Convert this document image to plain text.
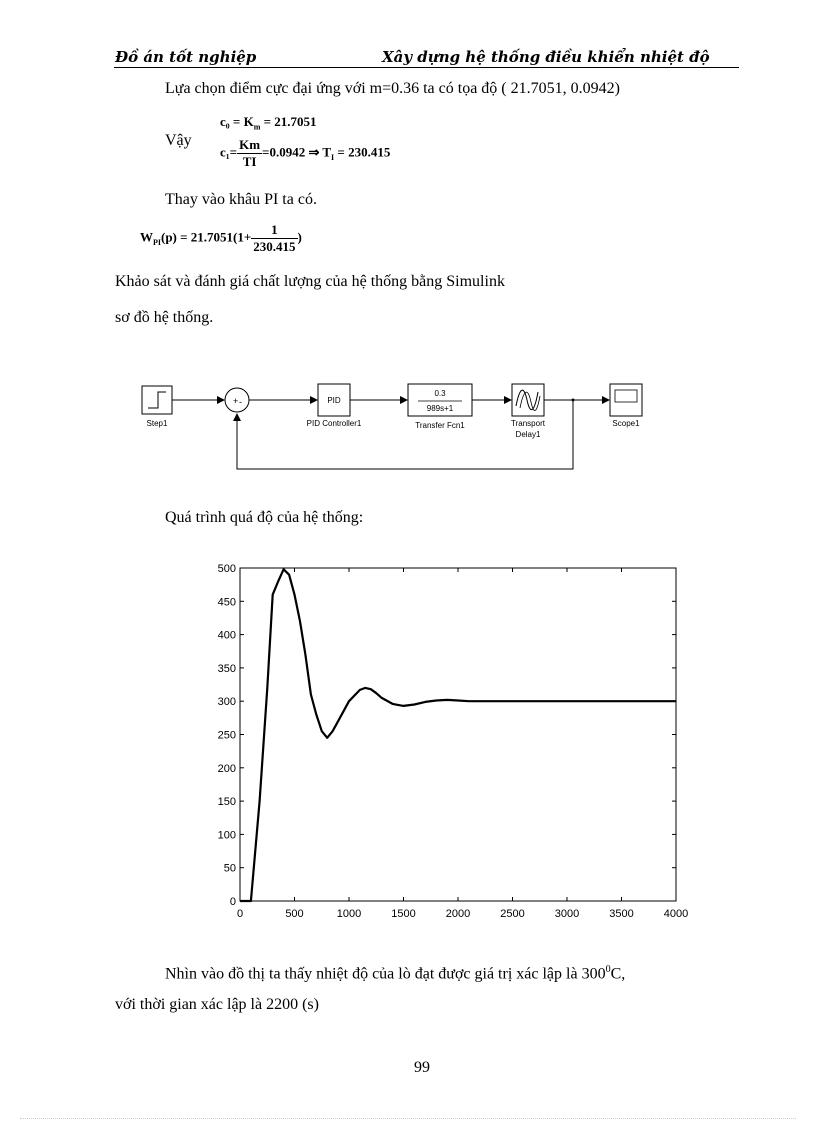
Đồ án tốt nghiệp	Xây dựng hệ thống điều khiển nhiệt độ
Lựa chọn điểm cực đại ứng với m=0.36 ta có tọa độ ( 21.7051, 0.0942)
Vậy
$c_0 = K_m = 21.7051$
$c_1= \frac{Km}{TI} =0.0942$ ⇒ $T_I = 230.415$
Thay vào khâu PI ta có.
$W_{PI}(p) = 21.7051(1+ \frac{1}{230.415}$ )
Khảo sát và đánh giá chất lượng của hệ thống bằng Simulink
sơ đồ hệ thống.
+ -	PID
0.3
989s+1
Step1	PID Controller1	Transfer Fcn1	Transport
Delay1
Scope1
Quá trình quá độ của hệ thống:
0	500	1000	1500	2000	2500	3000	3500	4000
0
50
100
150
200
250
300
350
400
450
500
Nhìn vào đồ thị ta thấy nhiệt độ của lò đạt được giá trị xác lập là $300^0C$,
với thời gian xác lập là 2200 (s)
99
